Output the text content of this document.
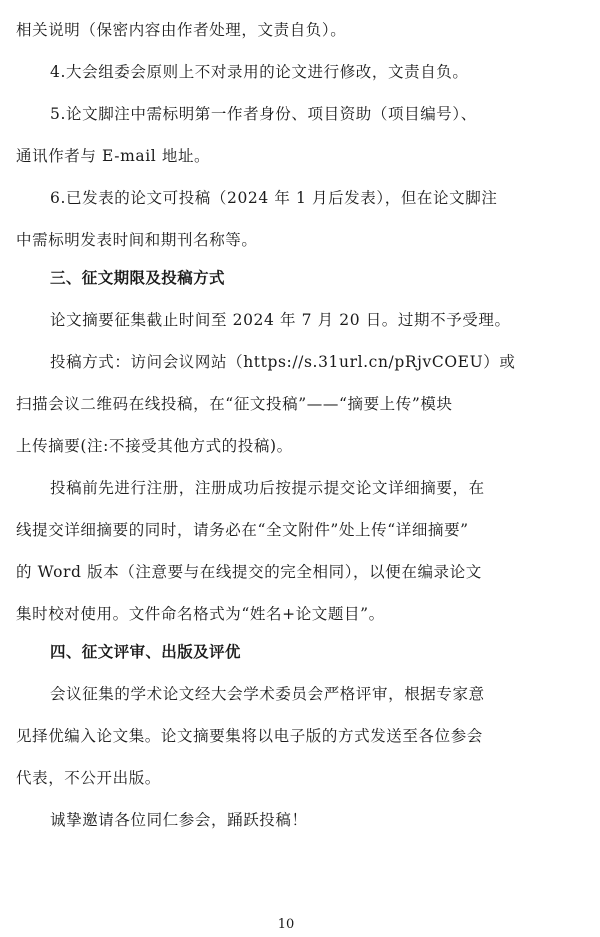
相关说明（保密内容由作者处理，文责自负）。
4.大会组委会原则上不对录用的论文进行修改，文责自负。
5.论文脚注中需标明第一作者身份、项目资助（项目编号）、
通讯作者与 E-mail 地址。
6.已发表的论文可投稿（2024 年 1 月后发表），但在论文脚注
中需标明发表时间和期刊名称等。
三、征文期限及投稿方式
论文摘要征集截止时间至 2024 年 7 月 20 日。过期不予受理。
投稿方式：访问会议网站（https://s.31url.cn/pRjvCOEU）或
扫描会议二维码在线投稿，在“征文投稿”——“摘要上传”模块
上传摘要(注:不接受其他方式的投稿)。
投稿前先进行注册，注册成功后按提示提交论文详细摘要，在
线提交详细摘要的同时，请务必在“全文附件”处上传“详细摘要”
的 Word 版本（注意要与在线提交的完全相同），以便在编录论文
集时校对使用。文件命名格式为“姓名+论文题目”。
四、征文评审、出版及评优
会议征集的学术论文经大会学术委员会严格评审，根据专家意
见择优编入论文集。论文摘要集将以电子版的方式发送至各位参会
代表，不公开出版。
诚挚邀请各位同仁参会，踊跃投稿！
10
